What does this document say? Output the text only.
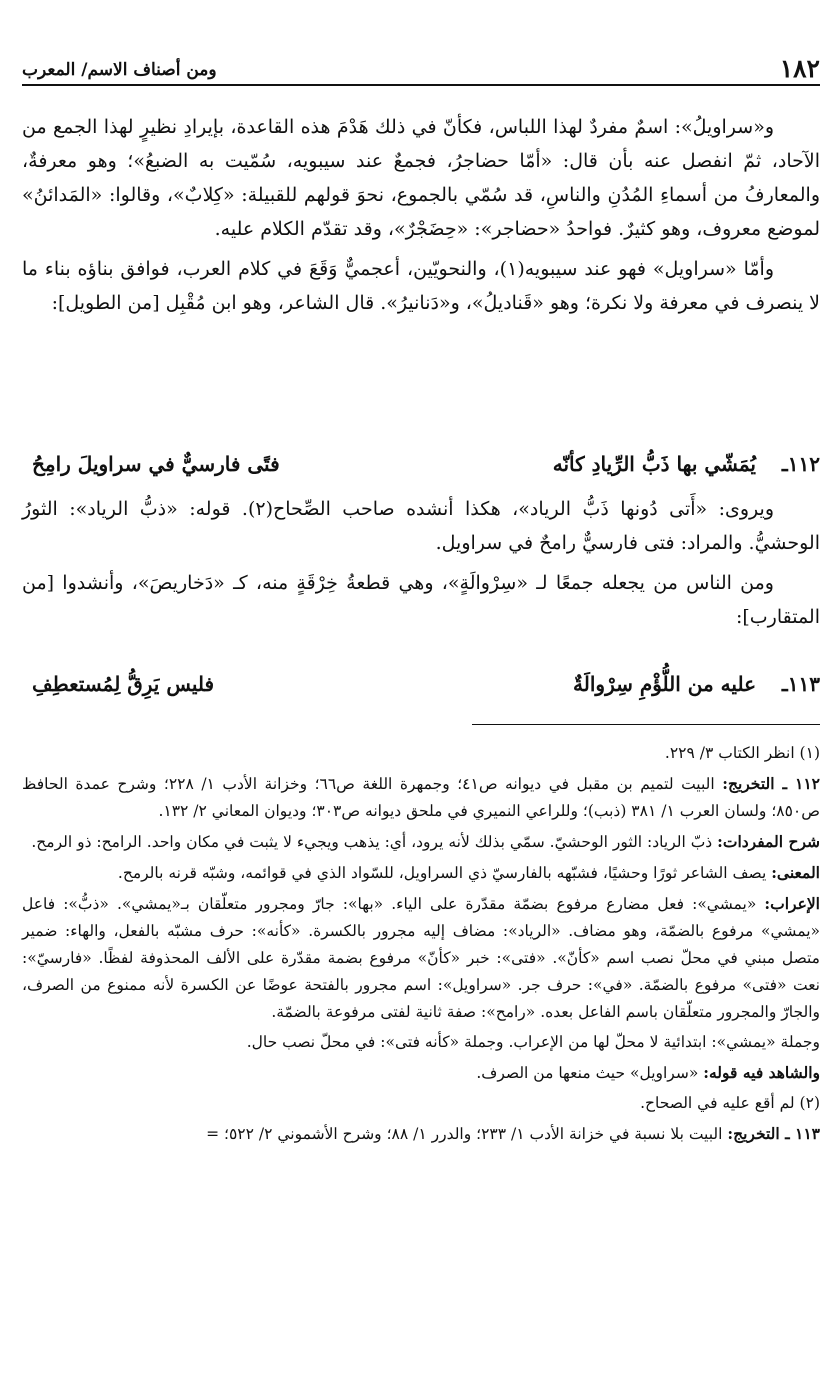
١٨٢
ومن أصناف الاسم/ المعرب

و«سراويلُ»: اسمٌ مفردٌ لهذا اللباس، فكأنّ في ذلك هَدْمَ هذه القاعدة، بإيرادِ نظيرٍ لهذا الجمع من الآحاد، ثمّ انفصل عنه بأن قال: «أمّا حضاجرُ، فجمعٌ عند سيبويه، سُمّيت به الضبعُ»؛ وهو معرفةٌ، والمعارفُ من أسماءِ المُدُنِ والناسِ، قد سُمّي بالجموع، نحوَ قولهم للقبيلة: «كِلابٌ»، وقالوا: «المَدائنُ» لموضع معروف، وهو كثيرٌ. فواحدُ «حضاجر»: «حِضَجْرٌ»، وقد تقدّم الكلام عليه.

وأمّا «سراويل» فهو عند سيبويه(١)، والنحويّين، أعجميٌّ وَقَعَ في كلام العرب، فوافق بناؤه بناء ما لا ينصرف في معرفة ولا نكرة؛ وهو «قَناديلُ»، و«دَنانيرُ». قال الشاعر، وهو ابن مُقْبِل [من الطويل]:

١١٢ـ
يُمَشّي بها ذَبُّ الرِّيادِ كأنّه
فتًى فارسيٌّ في سراويلَ رامِحُ

ويروى: «أَتى دُونها ذَبُّ الرياد»، هكذا أنشده صاحب الصِّحاح(٢). قوله: «ذبُّ الرياد»: الثورُ الوحشيُّ. والمراد: فتى فارسيٌّ رامحٌ في سراويل.

ومن الناس من يجعله جمعًا لـ «سِرْوالَةٍ»، وهي قطعةُ خِرْقَةٍ منه، كـ «دَخاريصَ»، وأنشدوا [من المتقارب]:

١١٣ـ
عليه من اللُّؤْمِ سِرْوالَةٌ
فليس يَرِقُّ لِمُستعطِفِ

(١) انظر الكتاب ٣/ ٢٢٩.

١١٢ ـ التخريج: البيت لتميم بن مقبل في ديوانه ص٤١؛ وجمهرة اللغة ص٦٦؛ وخزانة الأدب ١/ ٢٢٨؛ وشرح عمدة الحافظ ص٨٥٠؛ ولسان العرب ١/ ٣٨١ (ذبب)؛ وللراعي النميري في ملحق ديوانه ص٣٠٣؛ وديوان المعاني ٢/ ١٣٢.

شرح المفردات: ذبّ الرياد: الثور الوحشيّ. سمّي بذلك لأنه يرود، أي: يذهب ويجيء لا يثبت في مكان واحد. الرامح: ذو الرمح.

المعنى: يصف الشاعر ثورًا وحشيًا، فشبّهه بالفارسيّ ذي السراويل، للسّواد الذي في قوائمه، وشبّه قرنه بالرمح.

الإعراب: «يمشي»: فعل مضارع مرفوع بضمّة مقدّرة على الياء. «بها»: جارّ ومجرور متعلّقان بـ«يمشي». «ذبُّ»: فاعل «يمشي» مرفوع بالضمّة، وهو مضاف. «الرياد»: مضاف إليه مجرور بالكسرة. «كأنه»: حرف مشبّه بالفعل، والهاء: ضمير متصل مبني في محلّ نصب اسم «كأنّ». «فتى»: خبر «كأنّ» مرفوع بضمة مقدّرة على الألف المحذوفة لفظًا. «فارسيّ»: نعت «فتى» مرفوع بالضمّة. «في»: حرف جر. «سراويل»: اسم مجرور بالفتحة عوضًا عن الكسرة لأنه ممنوع من الصرف، والجارّ والمجرور متعلّقان باسم الفاعل بعده. «رامح»: صفة ثانية لفتى مرفوعة بالضمّة.

وجملة «يمشي»: ابتدائية لا محلّ لها من الإعراب. وجملة «كأنه فتى»: في محلّ نصب حال.

والشاهد فيه قوله: «سراويل» حيث منعها من الصرف.

(٢) لم أقع عليه في الصحاح.

١١٣ ـ التخريج: البيت بلا نسبة في خزانة الأدب ١/ ٢٣٣؛ والدرر ١/ ٨٨؛ وشرح الأشموني ٢/ ٥٢٢؛ =
